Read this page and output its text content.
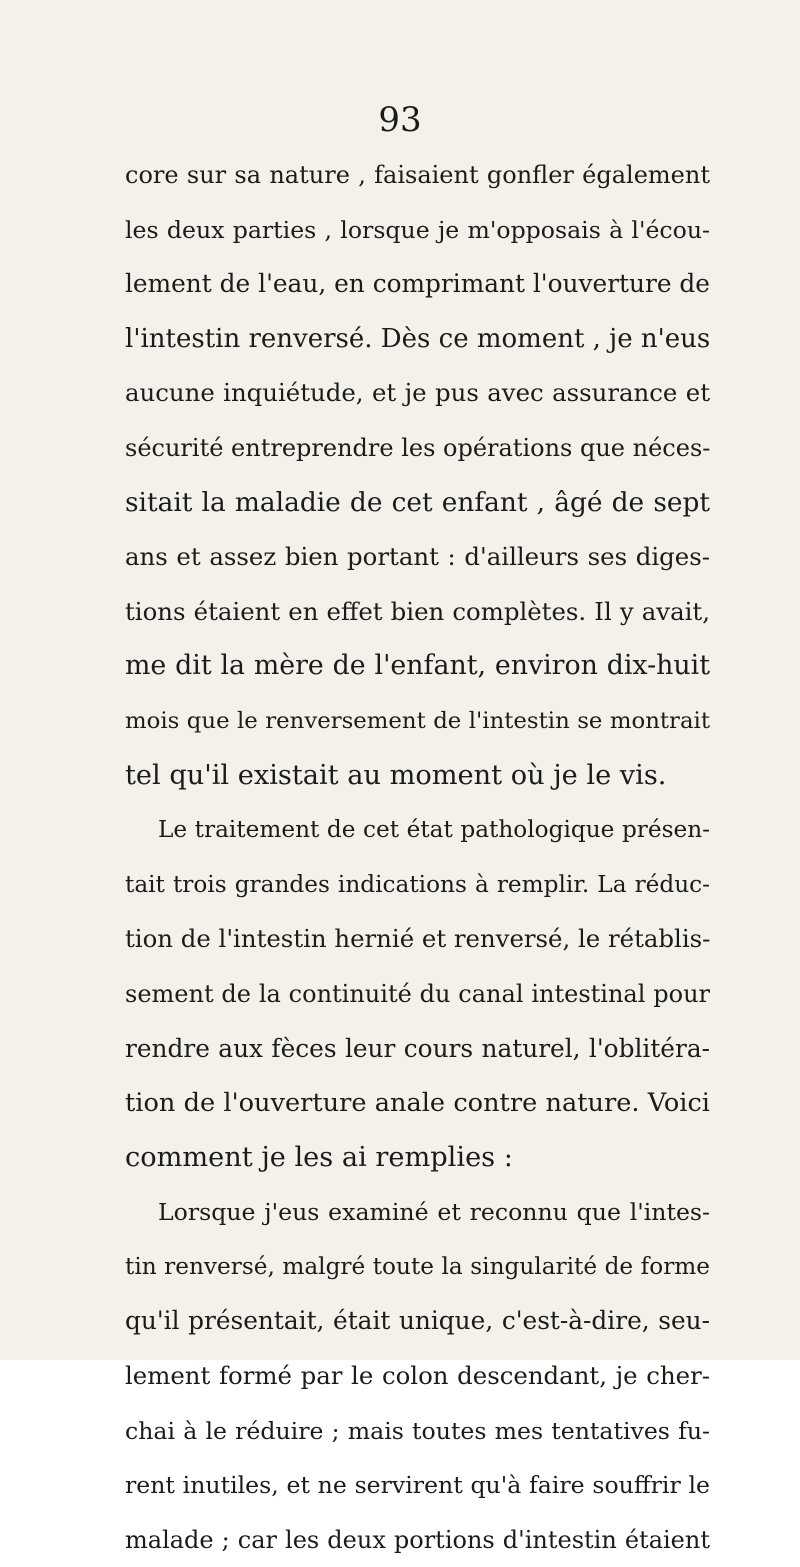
93
core sur sa nature , faisaient gonfler également
les deux parties , lorsque je m'opposais à l'écou-
lement de l'eau, en comprimant l'ouverture de
l'intestin renversé. Dès ce moment , je n'eus
aucune inquiétude, et je pus avec assurance et
sécurité entreprendre les opérations que néces-
sitait la maladie de cet enfant , âgé de sept
ans et assez bien portant : d'ailleurs ses diges-
tions étaient en effet bien complètes. Il y avait,
me dit la mère de l'enfant, environ dix-huit
mois que le renversement de l'intestin se montrait
tel qu'il existait au moment où je le vis.
Le traitement de cet état pathologique présen-
tait trois grandes indications à remplir. La réduc-
tion de l'intestin hernié et renversé, le rétablis-
sement de la continuité du canal intestinal pour
rendre aux fèces leur cours naturel, l'oblitéra-
tion de l'ouverture anale contre nature. Voici
comment je les ai remplies :
Lorsque j'eus examiné et reconnu que l'intes-
tin renversé, malgré toute la singularité de forme
qu'il présentait, était unique, c'est-à-dire, seu-
lement formé par le colon descendant, je cher-
chai à le réduire ; mais toutes mes tentatives fu-
rent inutiles, et ne servirent qu'à faire souffrir le
malade ; car les deux portions d'intestin étaient
